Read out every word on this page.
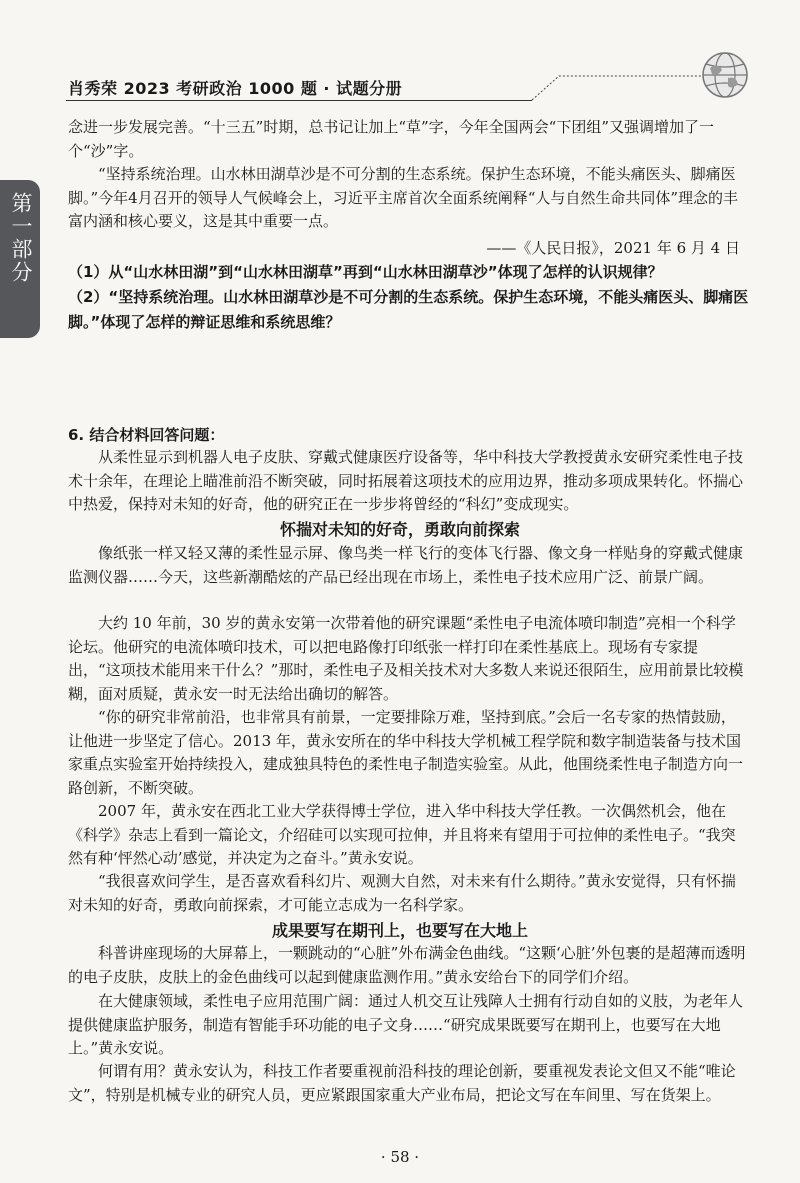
肖秀荣 2023 考研政治 1000 题 · 试题分册
第一部分
念进一步发展完善。“十三五”时期，总书记让加上“草”字，今年全国两会“下团组”又强调增加了一个“沙”字。
“坚持系统治理。山水林田湖草沙是不可分割的生态系统。保护生态环境，不能头痛医头、脚痛医脚。”今年4月召开的领导人气候峰会上，习近平主席首次全面系统阐释“人与自然生命共同体”理念的丰富内涵和核心要义，这是其中重要一点。
——《人民日报》，2021 年 6 月 4 日
（1）从“山水林田湖”到“山水林田湖草”再到“山水林田湖草沙”体现了怎样的认识规律？
（2）“坚持系统治理。山水林田湖草沙是不可分割的生态系统。保护生态环境，不能头痛医头、脚痛医脚。”体现了怎样的辩证思维和系统思维？
6. 结合材料回答问题：
从柔性显示到机器人电子皮肤、穿戴式健康医疗设备等，华中科技大学教授黄永安研究柔性电子技术十余年，在理论上瞄准前沿不断突破，同时拓展着这项技术的应用边界，推动多项成果转化。怀揣心中热爱，保持对未知的好奇，他的研究正在一步步将曾经的“科幻”变成现实。
怀揣对未知的好奇，勇敢向前探索
像纸张一样又轻又薄的柔性显示屏、像鸟类一样飞行的变体飞行器、像文身一样贴身的穿戴式健康监测仪器……今天，这些新潮酷炫的产品已经出现在市场上，柔性电子技术应用广泛、前景广阔。
大约 10 年前，30 岁的黄永安第一次带着他的研究课题“柔性电子电流体喷印制造”亮相一个科学论坛。他研究的电流体喷印技术，可以把电路像打印纸张一样打印在柔性基底上。现场有专家提出，“这项技术能用来干什么？”那时，柔性电子及相关技术对大多数人来说还很陌生，应用前景比较模糊，面对质疑，黄永安一时无法给出确切的解答。
“你的研究非常前沿，也非常具有前景，一定要排除万难，坚持到底。”会后一名专家的热情鼓励，让他进一步坚定了信心。2013 年，黄永安所在的华中科技大学机械工程学院和数字制造装备与技术国家重点实验室开始持续投入，建成独具特色的柔性电子制造实验室。从此，他围绕柔性电子制造方向一路创新，不断突破。
2007 年，黄永安在西北工业大学获得博士学位，进入华中科技大学任教。一次偶然机会，他在《科学》杂志上看到一篇论文，介绍硅可以实现可拉伸，并且将来有望用于可拉伸的柔性电子。“我突然有种‘怦然心动’感觉，并决定为之奋斗。”黄永安说。
“我很喜欢问学生，是否喜欢看科幻片、观测大自然，对未来有什么期待。”黄永安觉得，只有怀揣对未知的好奇，勇敢向前探索，才可能立志成为一名科学家。
成果要写在期刊上，也要写在大地上
科普讲座现场的大屏幕上，一颗跳动的“心脏”外布满金色曲线。“这颗‘心脏’外包裹的是超薄而透明的电子皮肤，皮肤上的金色曲线可以起到健康监测作用。”黄永安给台下的同学们介绍。
在大健康领域，柔性电子应用范围广阔：通过人机交互让残障人士拥有行动自如的义肢，为老年人提供健康监护服务，制造有智能手环功能的电子文身……“研究成果既要写在期刊上，也要写在大地上。”黄永安说。
何谓有用？黄永安认为，科技工作者要重视前沿科技的理论创新，要重视发表论文但又不能“唯论文”，特别是机械专业的研究人员，更应紧跟国家重大产业布局，把论文写在车间里、写在货架上。
· 58 ·
